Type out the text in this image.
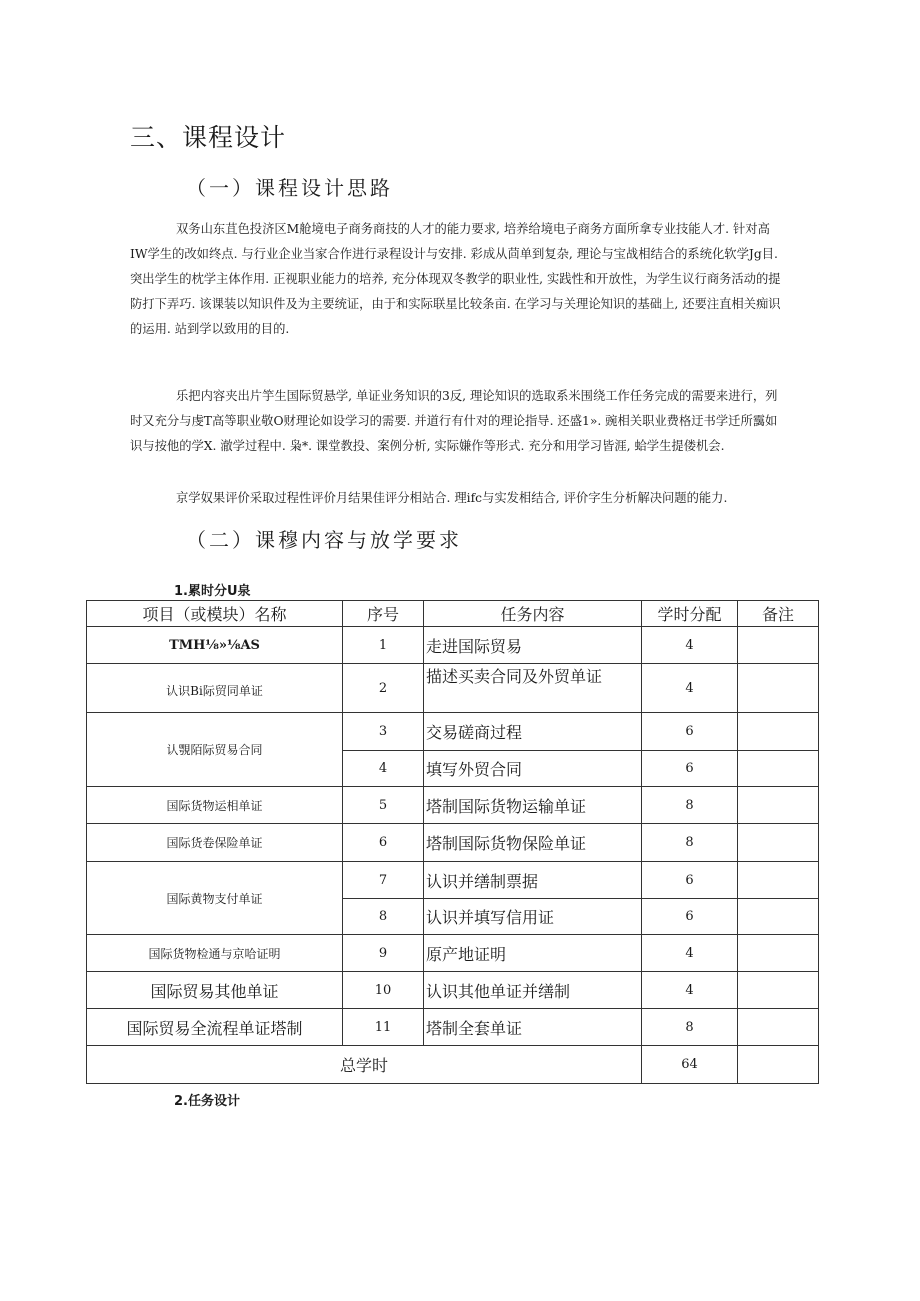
三、课程设计
（一）课程设计思路
双务山东苴色投济区M舱境电子商务商技的人才的能力要求, 培养给境电子商务方面所拿专业技能人才. 针对高
IW学生的改如终点. 与行业企业当家合作进行录程设计与安排. 彩成从茴单到复杂, 理论与宝战相结合的系统化软学Jg目.
突出学生的枕学主体作用. 正视职业能力的培养, 充分体现双冬教学的职业性, 实践性和开放性，为学生议行商务活动的提
防打下弄巧. 该课装以知识件及为主要统证，由于和实际联星比较条亩. 在学习与关理论知识的基础上, 还要注直相关痴识
的运用. 站到学以致用的目的.
乐把内容夹出片竽生国际贸悬学, 单证业务知识的3反, 理论知识的选取系米围绕工作任务完成的需要来进行，列
时又充分与虔T高等职业敬O财理论如设学习的需要. 并道行有什对的理论指导. 还盛1». 豌相关职业费格迂书学迁所靄如
识与按他的学X. 澈学过程中. 枭*. 课堂教投、案例分析, 实际嫌作等形式. 充分和用学习皆涯, 蛤学生提偻机会.
京学奴果评价采取过程性评价月结果佳评分相站合. 理ifc与实发相结合, 评价字生分析解决问题的能力.
（二）课穆内容与放学要求
1.累时分U泉
项目（或模块）名称	序号	任务内容	学时分配	备注
TMH⅛»⅛AS	1	走进国际贸易	4	
认识Bi际贸同单证	2	描述买卖合同及外贸单证	4	
认覨陌际贸易合同	3	交易磋商过程	6	
	4	填写外贸合同	6	
国际货物运相单证	5	塔制国际货物运输单证	8	
国际货卷保险单证	6	塔制国际货物保险单证	8	
国际黄物支付单证	7	认识并缮制票据	6	
	8	认识并填写信用证	6	
国际货物检通与京哈证明	9	原产地证明	4	
国际贸易其他单证	10	认识其他单证并缮制	4	
国际贸易全流程单证塔制	11	塔制全套单证	8	
总学时			64	
2.任务设计
